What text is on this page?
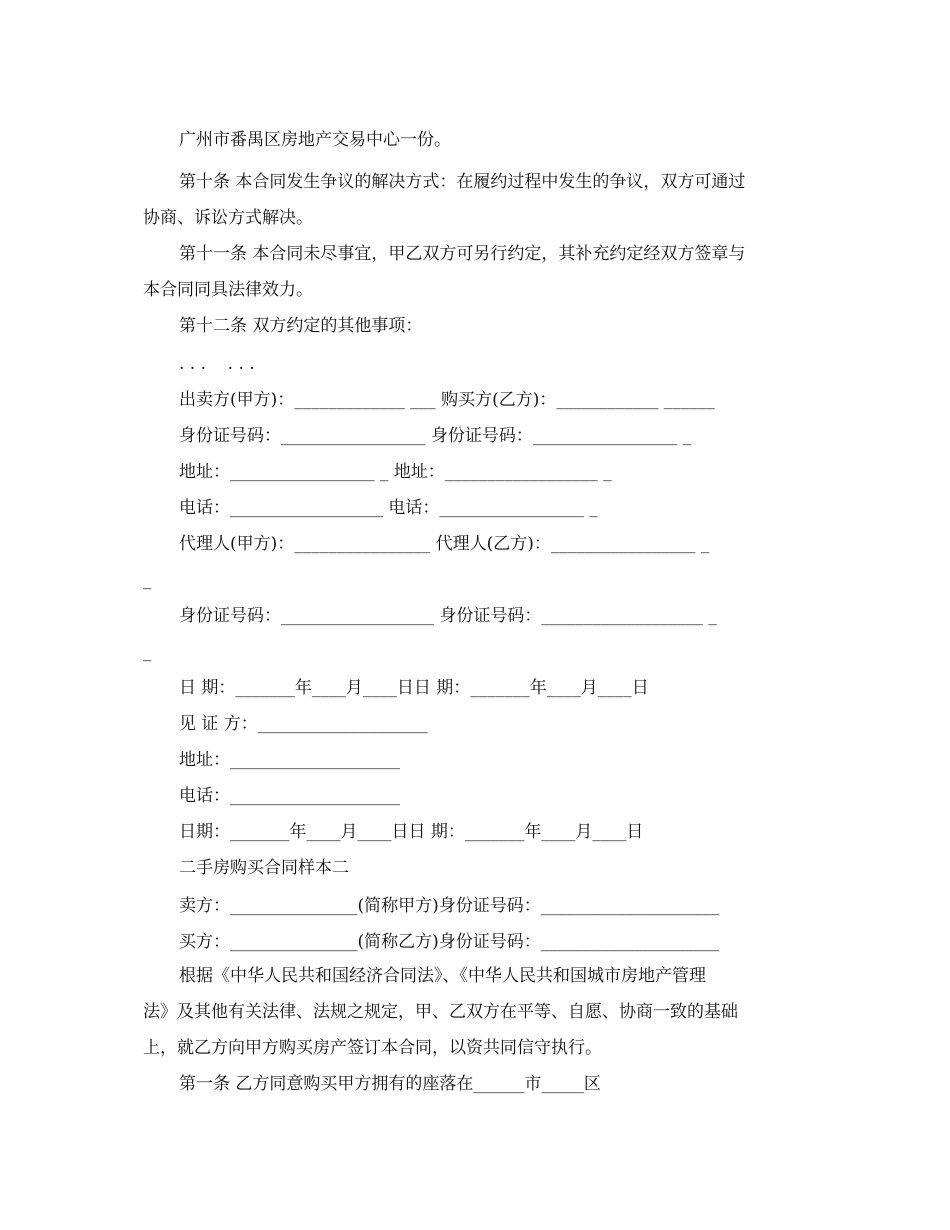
广州市番禺区房地产交易中心一份。
第十条 本合同发生争议的解决方式：在履约过程中发生的争议，双方可通过
协商、诉讼方式解决。
第十一条 本合同未尽事宜，甲乙双方可另行约定，其补充约定经双方签章与
本合同同具法律效力。
第十二条 双方约定的其他事项：
. . .    . . .
出卖方(甲方)：_____________ ___ 购买方(乙方)：____________ ______
身份证号码：_________________ 身份证号码：_________________ _
地址：_________________ _ 地址：__________________ _
电话：__________________ 电话：_________________ _
代理人(甲方)：________________ 代理人(乙方)：_________________ _
_
身份证号码：__________________ 身份证号码：___________________ _
_
日 期：_______年____月____日日 期：_______年____月____日
见 证 方：____________________
地址：____________________
电话：____________________
日期：_______年____月____日日 期：_______年____月____日
二手房购买合同样本二
卖方：_______________(简称甲方)身份证号码：_____________________
买方：_______________(简称乙方)身份证号码：_____________________
根据《中华人民共和国经济合同法》、《中华人民共和国城市房地产管理
法》及其他有关法律、法规之规定，甲、乙双方在平等、自愿、协商一致的基础
上，就乙方向甲方购买房产签订本合同，以资共同信守执行。
第一条 乙方同意购买甲方拥有的座落在______市_____区
